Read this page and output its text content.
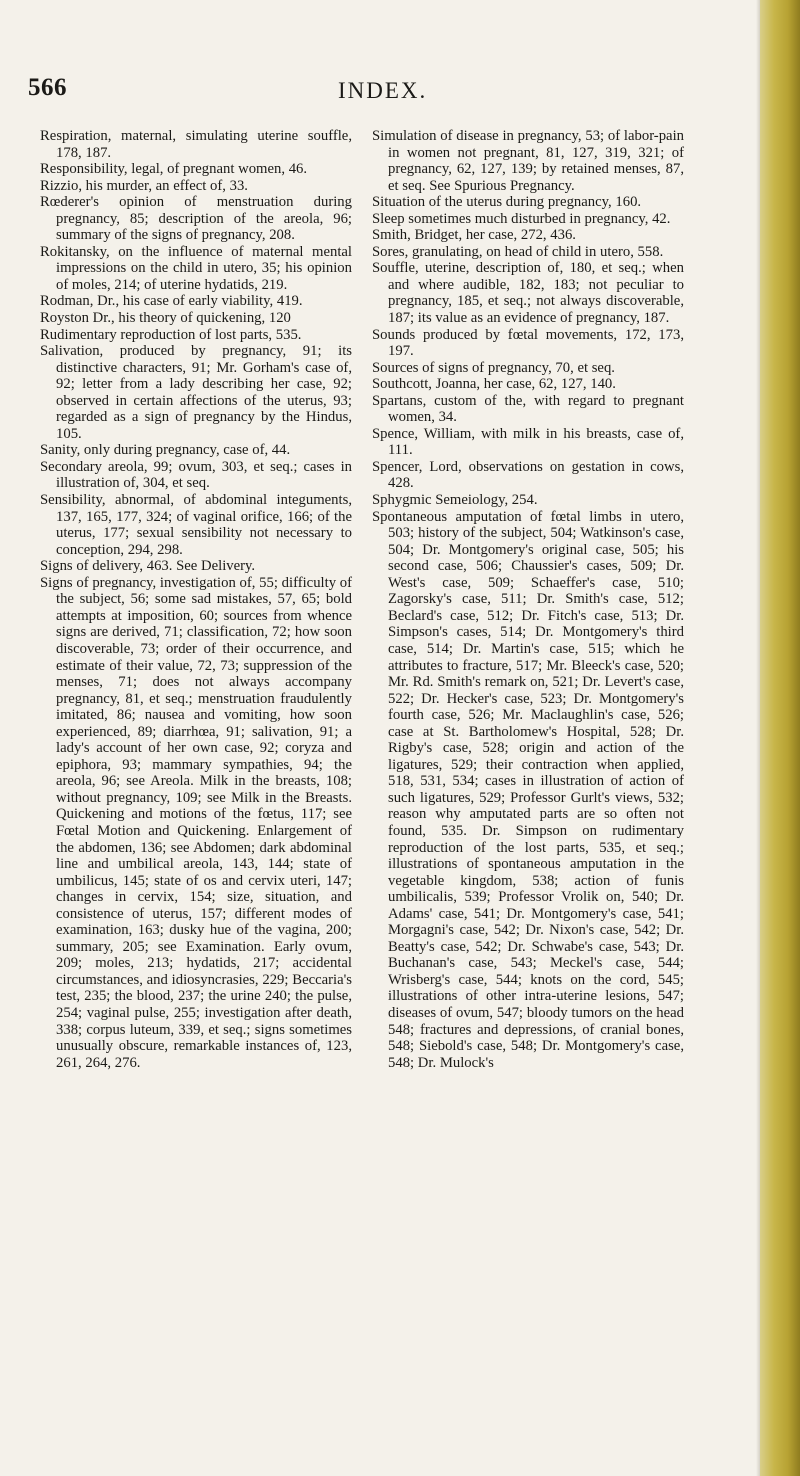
566	INDEX.

Respiration, maternal, simulating uterine souffle, 178, 187.

Responsibility, legal, of pregnant women, 46.

Rizzio, his murder, an effect of, 33.

Rœderer's opinion of menstruation during pregnancy, 85; description of the areola, 96; summary of the signs of pregnancy, 208.

Rokitansky, on the influence of maternal mental impressions on the child in utero, 35; his opinion of moles, 214; of uterine hydatids, 219.

Rodman, Dr., his case of early viability, 419.

Royston Dr., his theory of quickening, 120

Rudimentary reproduction of lost parts, 535.

Salivation, produced by pregnancy, 91; its distinctive characters, 91; Mr. Gorham's case of, 92; letter from a lady describing her case, 92; observed in certain affections of the uterus, 93; regarded as a sign of pregnancy by the Hindus, 105.

Sanity, only during pregnancy, case of, 44.

Secondary areola, 99; ovum, 303, et seq.; cases in illustration of, 304, et seq.

Sensibility, abnormal, of abdominal integuments, 137, 165, 177, 324; of vaginal orifice, 166; of the uterus, 177; sexual sensibility not necessary to conception, 294, 298.

Signs of delivery, 463. See Delivery.

Signs of pregnancy, investigation of, 55; difficulty of the subject, 56; some sad mistakes, 57, 65; bold attempts at imposition, 60; sources from whence signs are derived, 71; classification, 72; how soon discoverable, 73; order of their occurrence, and estimate of their value, 72, 73; suppression of the menses, 71; does not always accompany pregnancy, 81, et seq.; menstruation fraudulently imitated, 86; nausea and vomiting, how soon experienced, 89; diarrhœa, 91; salivation, 91; a lady's account of her own case, 92; coryza and epiphora, 93; mammary sympathies, 94; the areola, 96; see Areola. Milk in the breasts, 108; without pregnancy, 109; see Milk in the Breasts. Quickening and motions of the fœtus, 117; see Fœtal Motion and Quickening. Enlargement of the abdomen, 136; see Abdomen; dark abdominal line and umbilical areola, 143, 144; state of umbilicus, 145; state of os and cervix uteri, 147; changes in cervix, 154; size, situation, and consistence of uterus, 157; different modes of examination, 163; dusky hue of the vagina, 200; summary, 205; see Examination. Early ovum, 209; moles, 213; hydatids, 217; accidental circumstances, and idiosyncrasies, 229; Beccaria's test, 235; the blood, 237; the urine 240; the pulse, 254; vaginal pulse, 255; investigation after death, 338; corpus luteum, 339, et seq.; signs sometimes unusually obscure, remarkable instances of, 123, 261, 264, 276.

Simulation of disease in pregnancy, 53; of labor-pain in women not pregnant, 81, 127, 319, 321; of pregnancy, 62, 127, 139; by retained menses, 87, et seq. See Spurious Pregnancy.

Situation of the uterus during pregnancy, 160.

Sleep sometimes much disturbed in pregnancy, 42.

Smith, Bridget, her case, 272, 436.

Sores, granulating, on head of child in utero, 558.

Souffle, uterine, description of, 180, et seq.; when and where audible, 182, 183; not peculiar to pregnancy, 185, et seq.; not always discoverable, 187; its value as an evidence of pregnancy, 187.

Sounds produced by fœtal movements, 172, 173, 197.

Sources of signs of pregnancy, 70, et seq.

Southcott, Joanna, her case, 62, 127, 140.

Spartans, custom of the, with regard to pregnant women, 34.

Spence, William, with milk in his breasts, case of, 111.

Spencer, Lord, observations on gestation in cows, 428.

Sphygmic Semeiology, 254.

Spontaneous amputation of fœtal limbs in utero, 503; history of the subject, 504; Watkinson's case, 504; Dr. Montgomery's original case, 505; his second case, 506; Chaussier's cases, 509; Dr. West's case, 509; Schaeffer's case, 510; Zagorsky's case, 511; Dr. Smith's case, 512; Beclard's case, 512; Dr. Fitch's case, 513; Dr. Simpson's cases, 514; Dr. Montgomery's third case, 514; Dr. Martin's case, 515; which he attributes to fracture, 517; Mr. Bleeck's case, 520; Mr. Rd. Smith's remark on, 521; Dr. Levert's case, 522; Dr. Hecker's case, 523; Dr. Montgomery's fourth case, 526; Mr. Maclaughlin's case, 526; case at St. Bartholomew's Hospital, 528; Dr. Rigby's case, 528; origin and action of the ligatures, 529; their contraction when applied, 518, 531, 534; cases in illustration of action of such ligatures, 529; Professor Gurlt's views, 532; reason why amputated parts are so often not found, 535. Dr. Simpson on rudimentary reproduction of the lost parts, 535, et seq.; illustrations of spontaneous amputation in the vegetable kingdom, 538; action of funis umbilicalis, 539; Professor Vrolik on, 540; Dr. Adams' case, 541; Dr. Montgomery's case, 541; Morgagni's case, 542; Dr. Nixon's case, 542; Dr. Beatty's case, 542; Dr. Schwabe's case, 543; Dr. Buchanan's case, 543; Meckel's case, 544; Wrisberg's case, 544; knots on the cord, 545; illustrations of other intra-uterine lesions, 547; diseases of ovum, 547; bloody tumors on the head 548; fractures and depressions, of cranial bones, 548; Siebold's case, 548; Dr. Montgomery's case, 548; Dr. Mulock's
